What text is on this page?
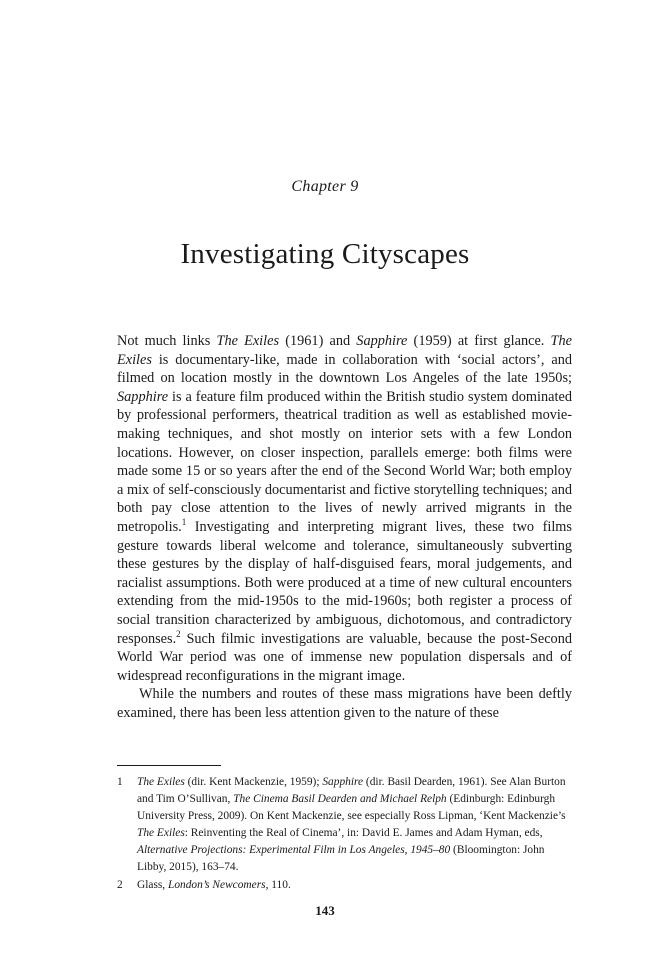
Chapter 9
Investigating Cityscapes

Not much links The Exiles (1961) and Sapphire (1959) at first glance. The Exiles is documentary-like, made in collaboration with ‘social actors’, and filmed on location mostly in the downtown Los Angeles of the late 1950s; Sapphire is a feature film produced within the British studio system dominated by professional performers, theatrical tradition as well as established movie-making techniques, and shot mostly on interior sets with a few London locations. However, on closer inspection, parallels emerge: both films were made some 15 or so years after the end of the Second World War; both employ a mix of self-consciously documentarist and fictive storytelling techniques; and both pay close attention to the lives of newly arrived migrants in the metropolis.$^1$ Investigating and interpreting migrant lives, these two films gesture towards liberal welcome and tolerance, simultaneously subverting these gestures by the display of half-disguised fears, moral judgements, and racialist assumptions. Both were produced at a time of new cultural encounters extending from the mid-1950s to the mid-1960s; both register a process of social transition characterized by ambiguous, dichotomous, and contradictory responses.$^2$ Such filmic investigations are valuable, because the post-Second World War period was one of immense new population dispersals and of widespread reconfigurations in the migrant image.

While the numbers and routes of these mass migrations have been deftly examined, there has been less attention given to the nature of these

1	The Exiles (dir. Kent Mackenzie, 1959); Sapphire (dir. Basil Dearden, 1961). See Alan Burton and Tim O’Sullivan, The Cinema Basil Dearden and Michael Relph (Edinburgh: Edinburgh University Press, 2009). On Kent Mackenzie, see especially Ross Lipman, ‘Kent Mackenzie’s The Exiles: Reinventing the Real of Cinema’, in: David E. James and Adam Hyman, eds, Alternative Projections: Experimental Film in Los Angeles, 1945–80 (Bloomington: John Libby, 2015), 163–74.
2	Glass, London’s Newcomers, 110.
143
